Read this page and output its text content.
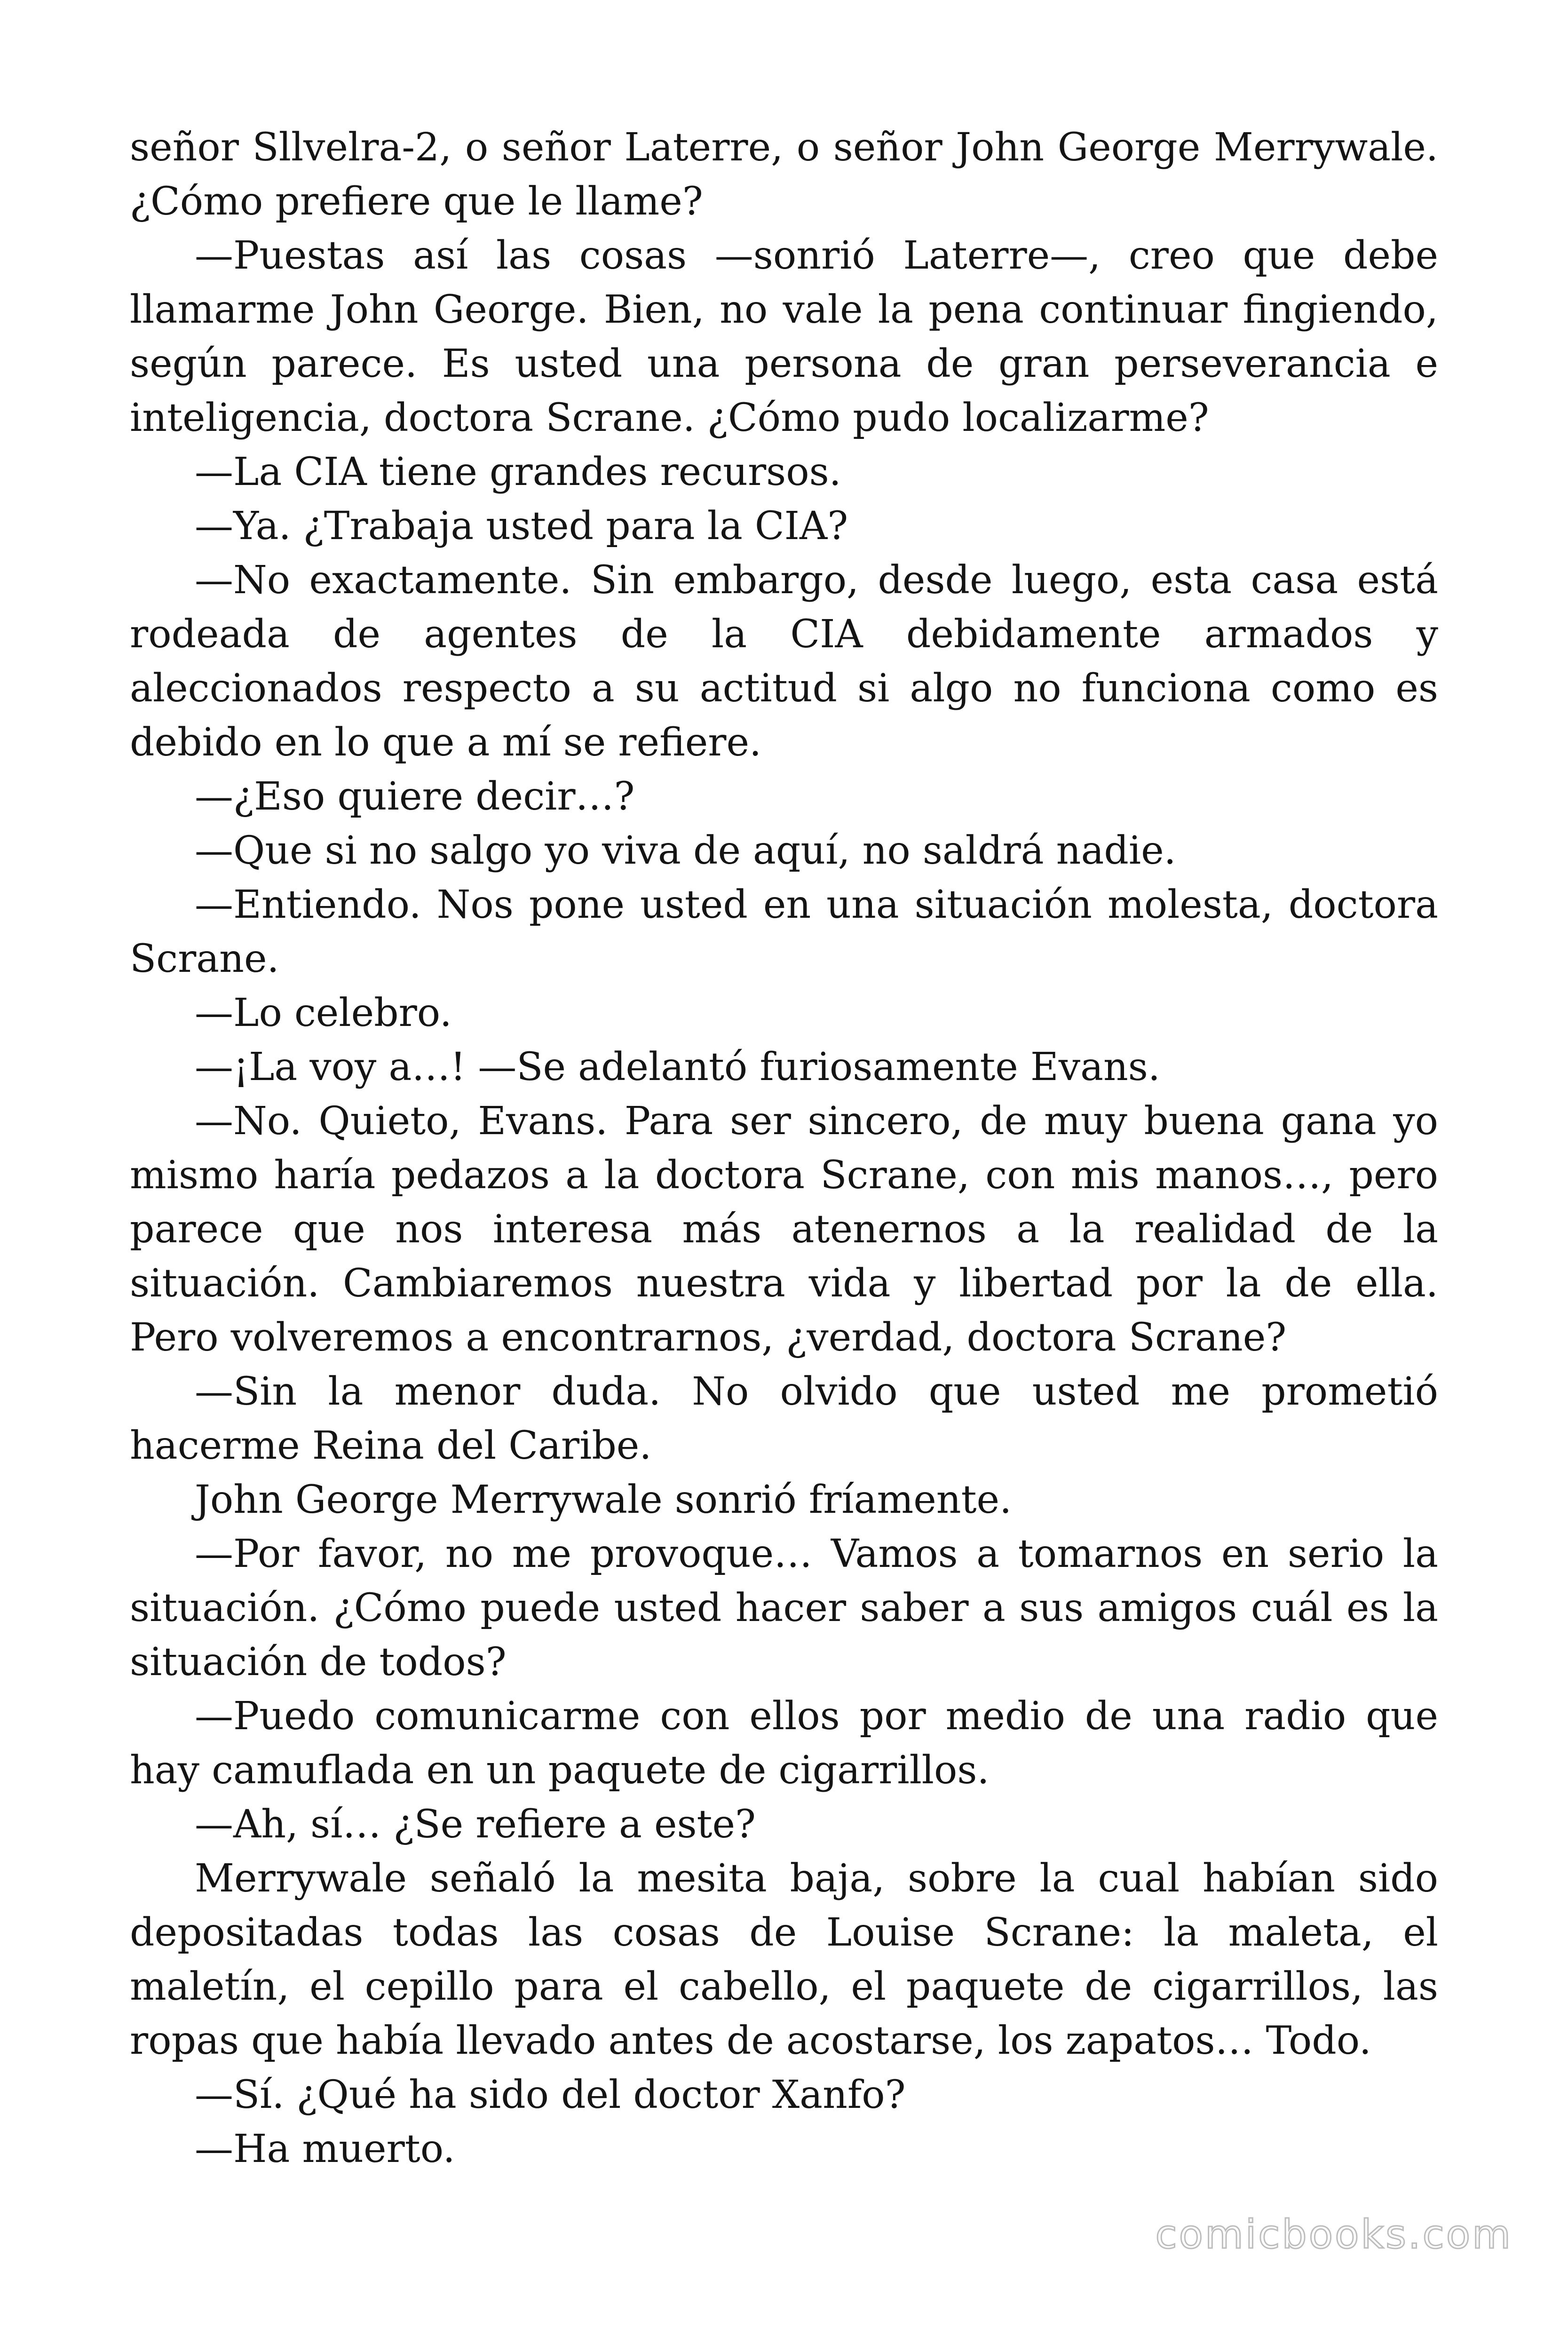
señor Sllvelra-2, o señor Laterre, o señor John George Merrywale. ¿Cómo prefiere que le llame?

—Puestas así las cosas —sonrió Laterre—, creo que debe llamarme John George. Bien, no vale la pena continuar fingiendo, según parece. Es usted una persona de gran perseverancia e inteligencia, doctora Scrane. ¿Cómo pudo localizarme?

—La CIA tiene grandes recursos.

—Ya. ¿Trabaja usted para la CIA?

—No exactamente. Sin embargo, desde luego, esta casa está rodeada de agentes de la CIA debidamente armados y aleccionados respecto a su actitud si algo no funciona como es debido en lo que a mí se refiere.

—¿Eso quiere decir…?

—Que si no salgo yo viva de aquí, no saldrá nadie.

—Entiendo. Nos pone usted en una situación molesta, doctora Scrane.

—Lo celebro.

—¡La voy a…! —Se adelantó furiosamente Evans.

—No. Quieto, Evans. Para ser sincero, de muy buena gana yo mismo haría pedazos a la doctora Scrane, con mis manos…, pero parece que nos interesa más atenernos a la realidad de la situación. Cambiaremos nuestra vida y libertad por la de ella. Pero volveremos a encontrarnos, ¿verdad, doctora Scrane?

—Sin la menor duda. No olvido que usted me prometió hacerme Reina del Caribe.

John George Merrywale sonrió fríamente.

—Por favor, no me provoque… Vamos a tomarnos en serio la situación. ¿Cómo puede usted hacer saber a sus amigos cuál es la situación de todos?

—Puedo comunicarme con ellos por medio de una radio que hay camuflada en un paquete de cigarrillos.

—Ah, sí… ¿Se refiere a este?

Merrywale señaló la mesita baja, sobre la cual habían sido depositadas todas las cosas de Louise Scrane: la maleta, el maletín, el cepillo para el cabello, el paquete de cigarrillos, las ropas que había llevado antes de acostarse, los zapatos… Todo.

—Sí. ¿Qué ha sido del doctor Xanfo?

—Ha muerto.

comicbooks.com
